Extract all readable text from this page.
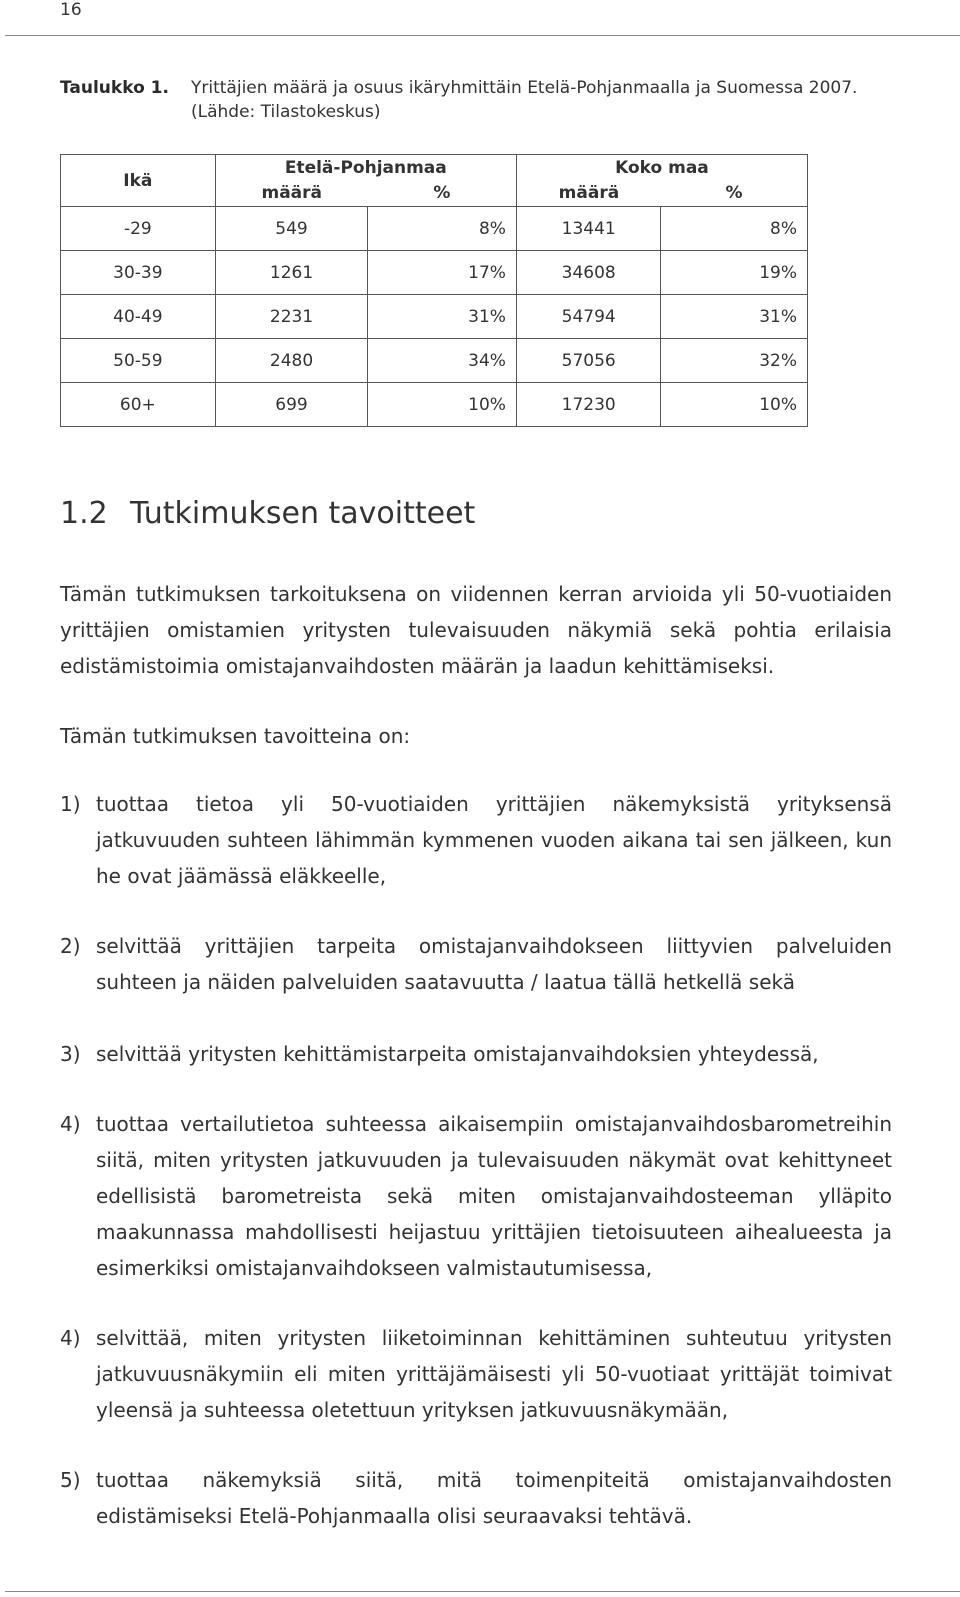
16
Taulukko 1. Yrittäjien määrä ja osuus ikäryhmittäin Etelä-Pohjanmaalla ja Suomessa 2007. (Lähde: Tilastokeskus)
Ikä	Etelä-Pohjanmaa		Koko maa	
	määrä	%	määrä	%
-29	549	8%	13441	8%
30-39	1261	17%	34608	19%
40-49	2231	31%	54794	31%
50-59	2480	34%	57056	32%
60+	699	10%	17230	10%
1.2 Tutkimuksen tavoitteet
Tämän tutkimuksen tarkoituksena on viidennen kerran arvioida yli 50-vuotiaiden yrittäjien omistamien yritysten tulevaisuuden näkymiä sekä pohtia erilaisia edistämistoimia omistajanvaihdosten määrän ja laadun kehittämiseksi.
Tämän tutkimuksen tavoitteina on:
1) tuottaa tietoa yli 50-vuotiaiden yrittäjien näkemyksistä yrityksensä jatkuvuuden suhteen lähimmän kymmenen vuoden aikana tai sen jälkeen, kun he ovat jäämässä eläkkeelle,
2) selvittää yrittäjien tarpeita omistajanvaihdokseen liittyvien palveluiden suhteen ja näiden palveluiden saatavuutta / laatua tällä hetkellä sekä
3) selvittää yritysten kehittämistarpeita omistajanvaihdoksien yhteydessä,
4) tuottaa vertailutietoa suhteessa aikaisempiin omistajanvaihdosbarometreihin siitä, miten yritysten jatkuvuuden ja tulevaisuuden näkymät ovat kehittyneet edellisistä barometreista sekä miten omistajanvaihdosteeman ylläpito maakunnassa mahdollisesti heijastuu yrittäjien tietoisuuteen aihealueesta ja esimerkiksi omistajanvaihdokseen valmistautumisessa,
4) selvittää, miten yritysten liiketoiminnan kehittäminen suhteutuu yritysten jatkuvuusnäkymiin eli miten yrittäjämäisesti yli 50-vuotiaat yrittäjät toimivat yleensä ja suhteessa oletettuun yrityksen jatkuvuusnäkymään,
5) tuottaa näkemyksiä siitä, mitä toimenpiteitä omistajanvaihdosten edistämiseksi Etelä-Pohjanmaalla olisi seuraavaksi tehtävä.
